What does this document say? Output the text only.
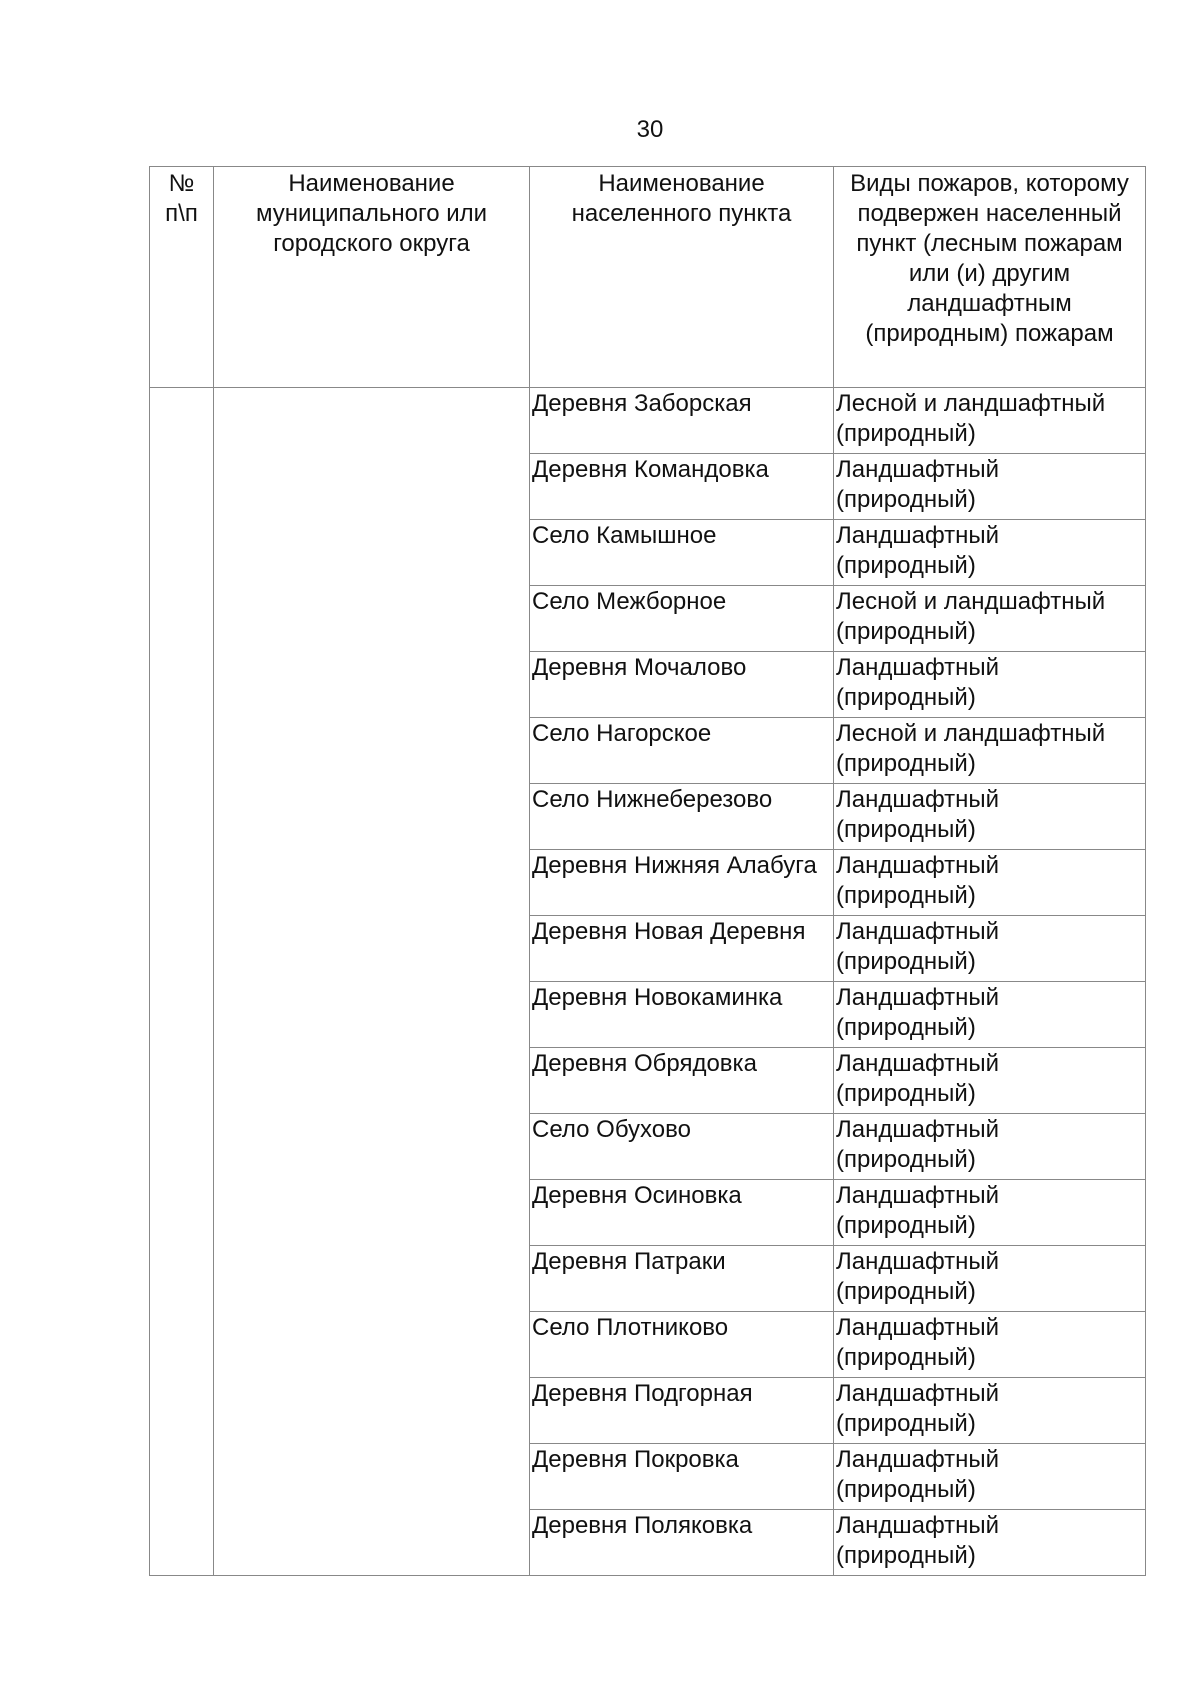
30
№ п\п	Наименование муниципального или городского округа	Наименование населенного пункта	Виды пожаров, которому подвержен населенный пункт (лесным пожарам или (и) другим ландшафтным (природным) пожарам
		Деревня Заборская	Лесной и ландшафтный (природный)
		Деревня Командовка	Ландшафтный (природный)
		Село Камышное	Ландшафтный (природный)
		Село Межборное	Лесной и ландшафтный (природный)
		Деревня Мочалово	Ландшафтный (природный)
		Село Нагорское	Лесной и ландшафтный (природный)
		Село Нижнеберезово	Ландшафтный (природный)
		Деревня Нижняя Алабуга	Ландшафтный (природный)
		Деревня Новая Деревня	Ландшафтный (природный)
		Деревня Новокаминка	Ландшафтный (природный)
		Деревня Обрядовка	Ландшафтный (природный)
		Село Обухово	Ландшафтный (природный)
		Деревня Осиновка	Ландшафтный (природный)
		Деревня Патраки	Ландшафтный (природный)
		Село Плотниково	Ландшафтный (природный)
		Деревня Подгорная	Ландшафтный (природный)
		Деревня Покровка	Ландшафтный (природный)
		Деревня Поляковка	Ландшафтный (природный)
